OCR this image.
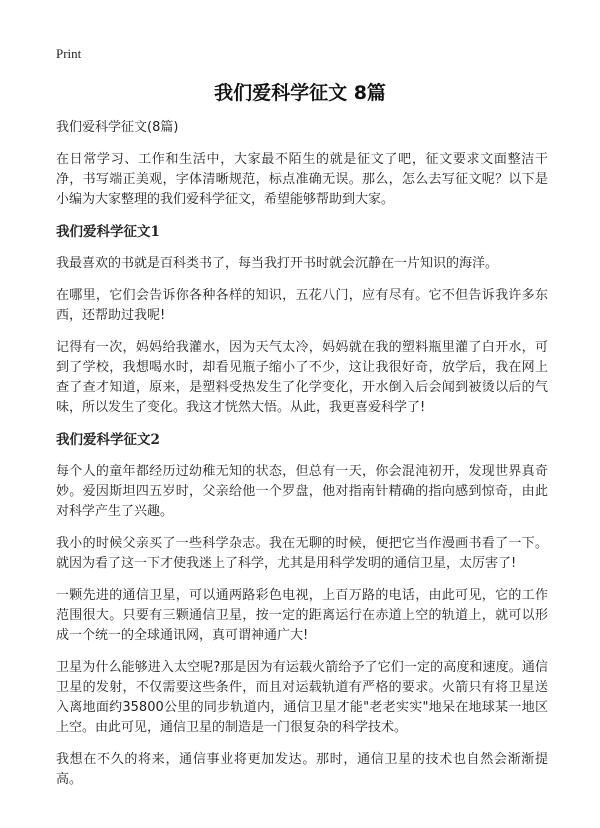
Print
我们爱科学征文 8篇
我们爱科学征文(8篇)

在日常学习、工作和生活中，大家最不陌生的就是征文了吧，征文要求文面整洁干净，书写端正美观，字体清晰规范，标点准确无误。那么，怎么去写征文呢？以下是小编为大家整理的我们爱科学征文，希望能够帮助到大家。

我们爱科学征文1

我最喜欢的书就是百科类书了，每当我打开书时就会沉静在一片知识的海洋。

在哪里，它们会告诉你各种各样的知识，五花八门，应有尽有。它不但告诉我许多东西，还帮助过我呢!

记得有一次，妈妈给我灌水，因为天气太冷，妈妈就在我的塑料瓶里灌了白开水，可到了学校，我想喝水时，却看见瓶子缩小了不少，这让我很好奇，放学后，我在网上查了查才知道，原来，是塑料受热发生了化学变化，开水倒入后会闻到被烫以后的气味，所以发生了变化。我这才恍然大悟。从此，我更喜爱科学了!

我们爱科学征文2

每个人的童年都经历过幼稚无知的状态，但总有一天，你会混沌初开，发现世界真奇妙。爱因斯坦四五岁时，父亲给他一个罗盘，他对指南针精确的指向感到惊奇，由此对科学产生了兴趣。

我小的时候父亲买了一些科学杂志。我在无聊的时候，便把它当作漫画书看了一下。就因为看了这一下才使我迷上了科学，尤其是用科学发明的通信卫星，太厉害了!

一颗先进的通信卫星，可以通两路彩色电视，上百万路的电话，由此可见，它的工作范围很大。只要有三颗通信卫星，按一定的距离运行在赤道上空的轨道上，就可以形成一个统一的全球通讯网，真可谓神通广大!

卫星为什么能够进入太空呢?那是因为有运载火箭给予了它们一定的高度和速度。通信卫星的发射，不仅需要这些条件，而且对运载轨道有严格的要求。火箭只有将卫星送入离地面约35800公里的同步轨道内，通信卫星才能"老老实实"地呆在地球某一地区上空。由此可见，通信卫星的制造是一门很复杂的科学技术。

我想在不久的将来，通信事业将更加发达。那时，通信卫星的技术也自然会渐渐提高。
